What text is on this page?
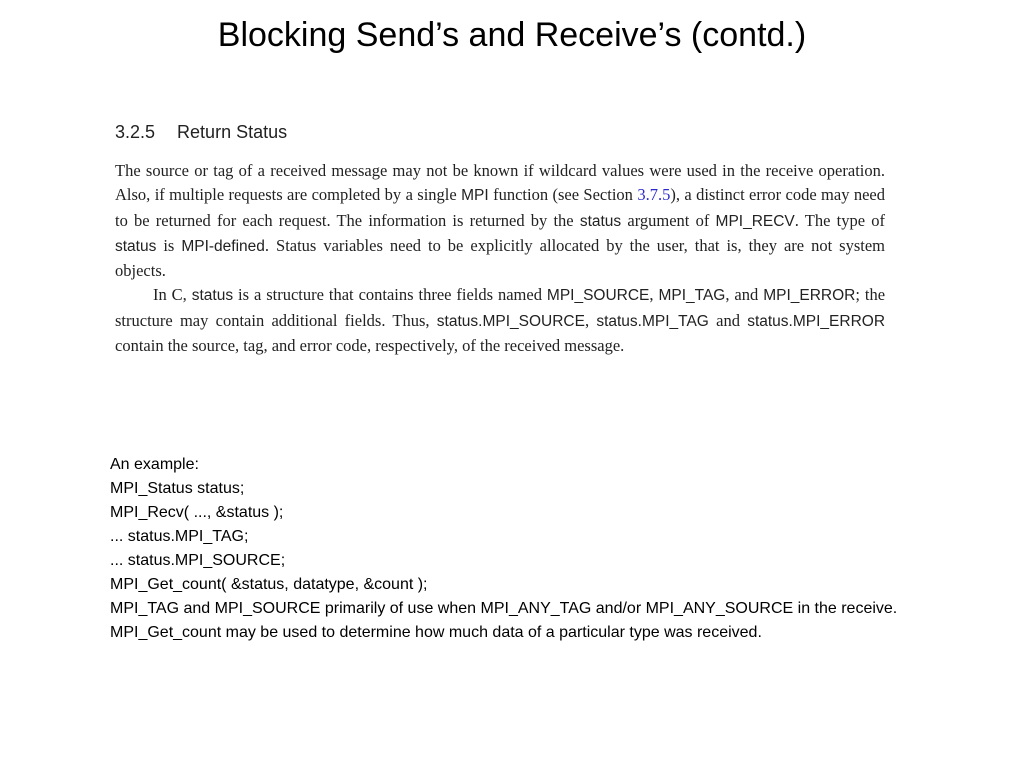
Blocking Send’s and Receive’s (contd.)
3.2.5 Return Status

The source or tag of a received message may not be known if wildcard values were used in the receive operation. Also, if multiple requests are completed by a single MPI function (see Section 3.7.5), a distinct error code may need to be returned for each request. The information is returned by the status argument of MPI_RECV. The type of status is MPI-defined. Status variables need to be explicitly allocated by the user, that is, they are not system objects.

In C, status is a structure that contains three fields named MPI_SOURCE, MPI_TAG, and MPI_ERROR; the structure may contain additional fields. Thus, status.MPI_SOURCE, status.MPI_TAG and status.MPI_ERROR contain the source, tag, and error code, respectively, of the received message.

An example:
MPI_Status status;
MPI_Recv( ..., &status );
... status.MPI_TAG;
... status.MPI_SOURCE;
MPI_Get_count( &status, datatype, &count );
MPI_TAG and MPI_SOURCE primarily of use when MPI_ANY_TAG and/or MPI_ANY_SOURCE in the receive.
MPI_Get_count may be used to determine how much data of a particular type was received.
